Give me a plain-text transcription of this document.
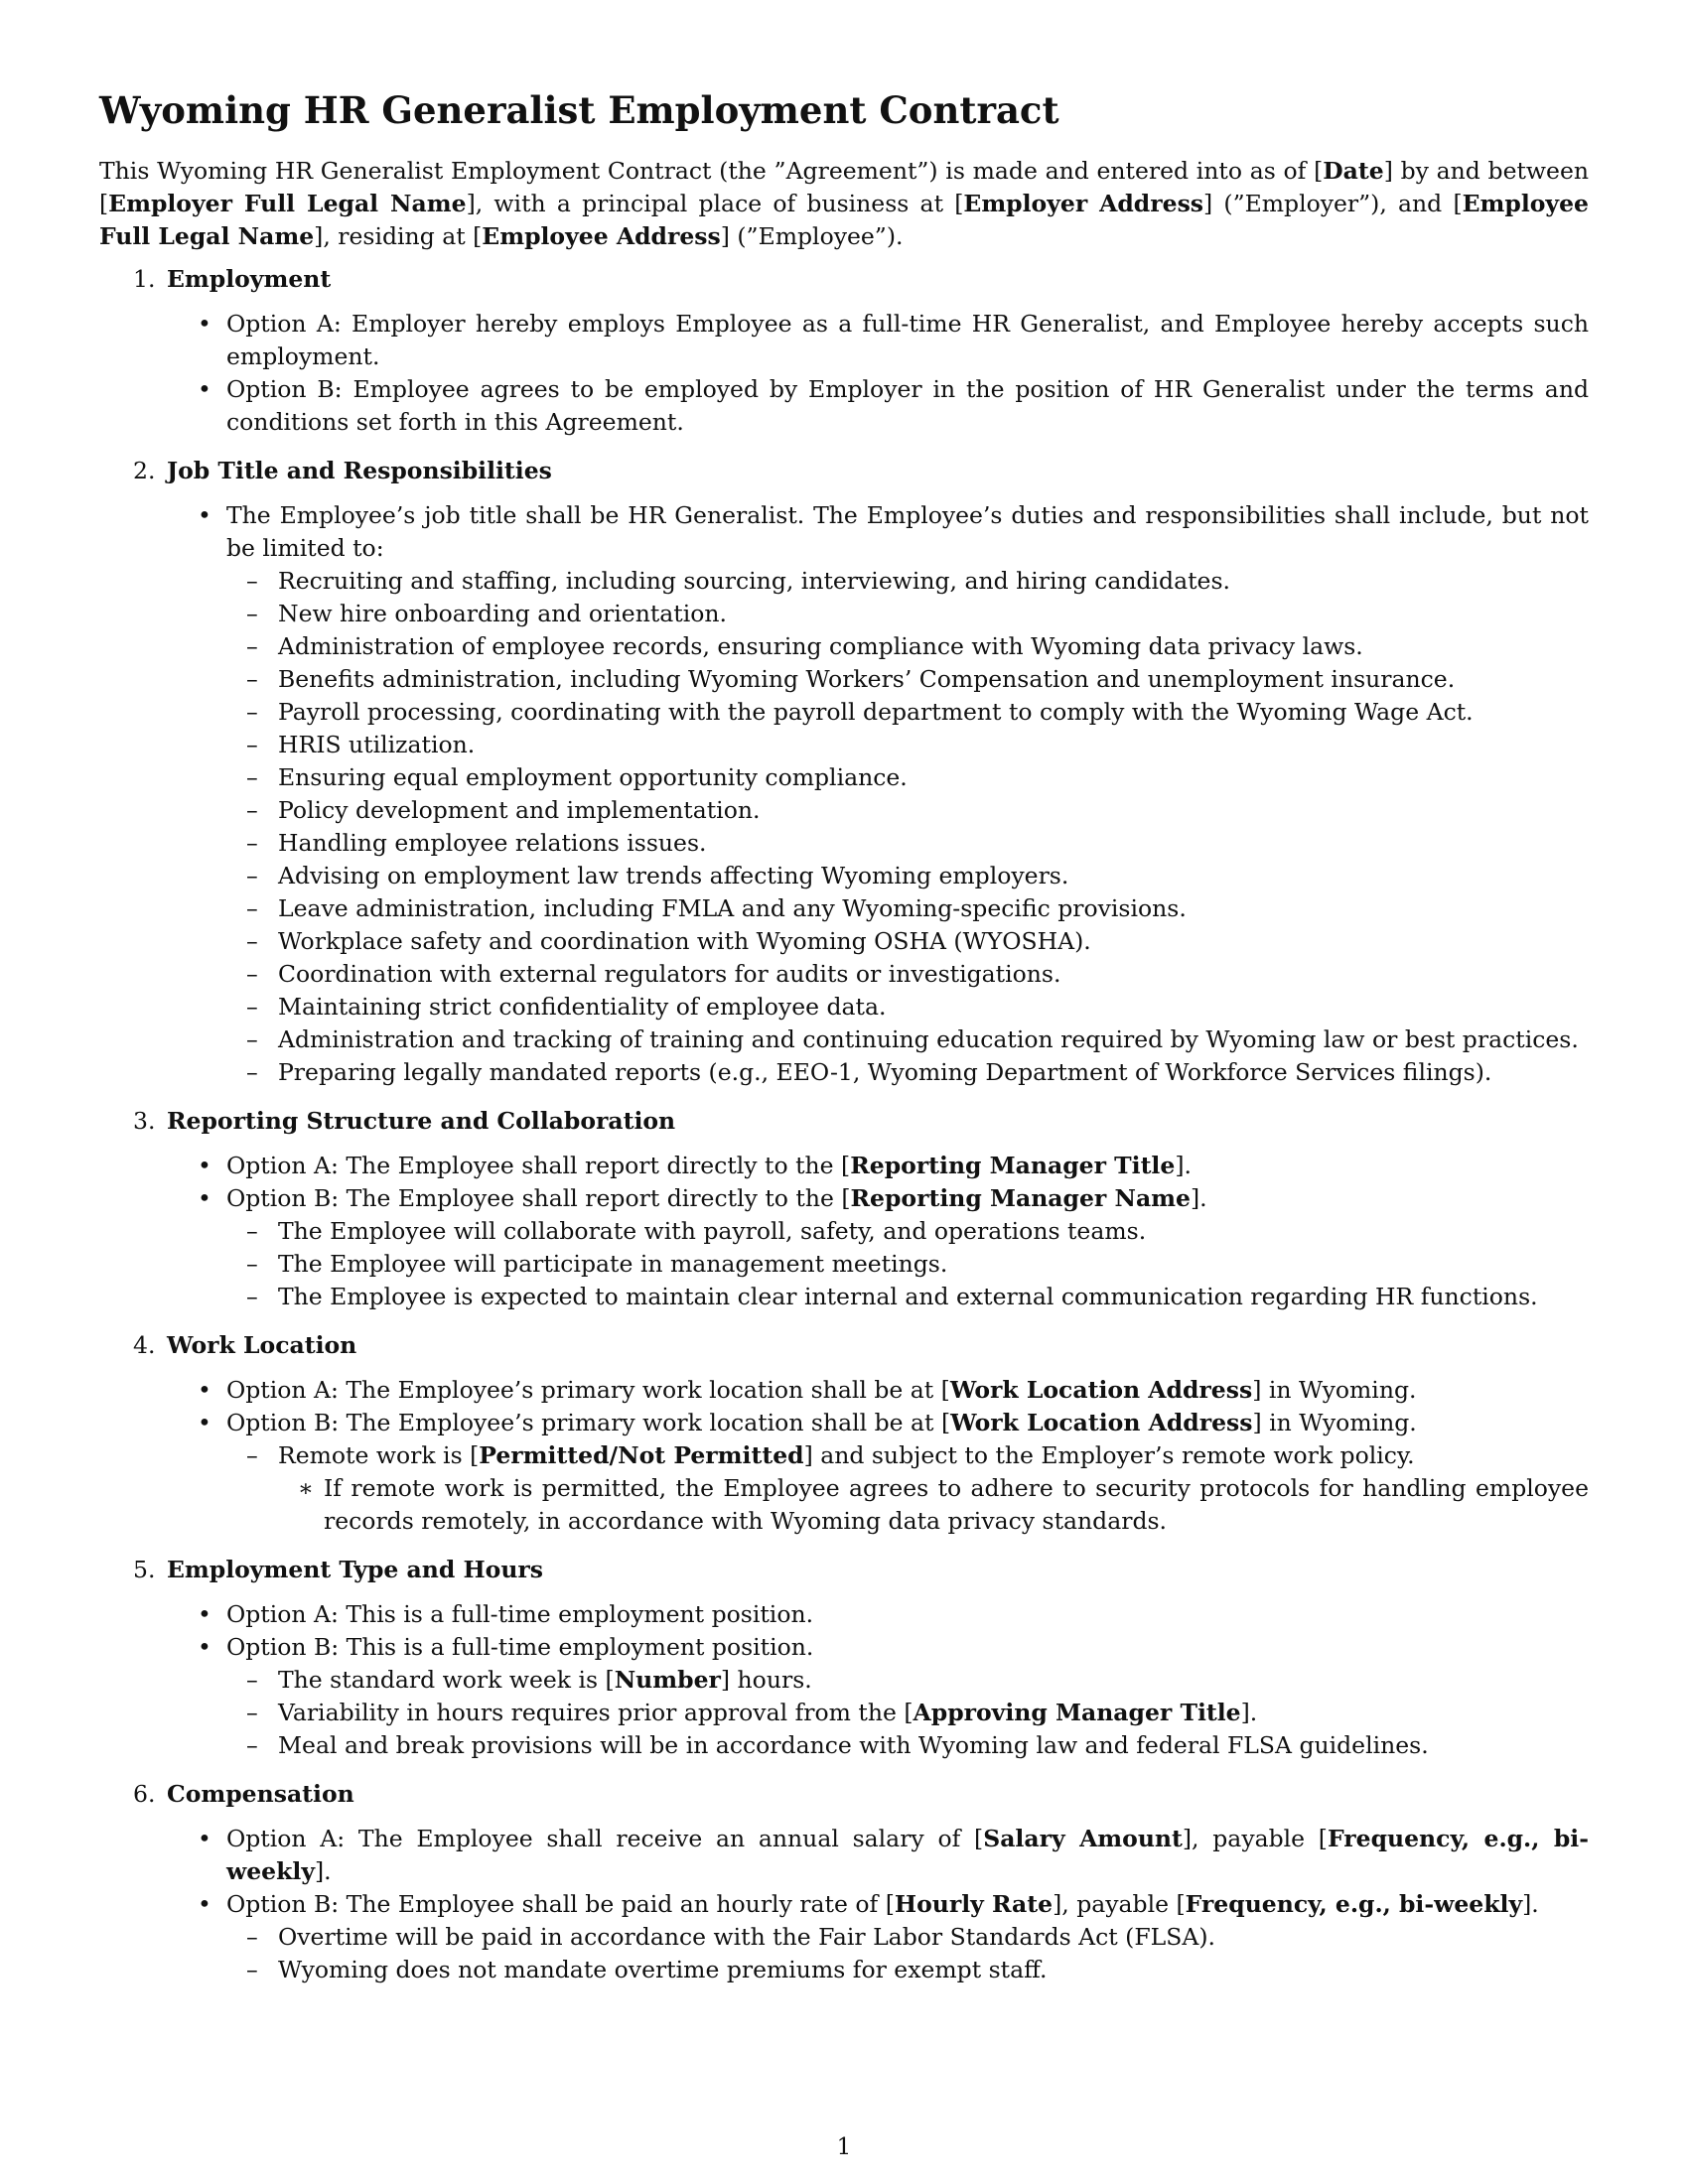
Wyoming HR Generalist Employment Contract

This Wyoming HR Generalist Employment Contract (the ”Agreement”) is made and entered into as of [Date] by and between [Employer Full Legal Name], with a principal place of business at [Employer Address] (”Employer”), and [Employee Full Legal Name], residing at [Employee Address] (”Employee”).

1. Employment
• Option A: Employer hereby employs Employee as a full-time HR Generalist, and Employee hereby accepts such employment.
• Option B: Employee agrees to be employed by Employer in the position of HR Generalist under the terms and conditions set forth in this Agreement.
2. Job Title and Responsibilities
• The Employee’s job title shall be HR Generalist. The Employee’s duties and responsibilities shall include, but not be limited to:
– Recruiting and staffing, including sourcing, interviewing, and hiring candidates.
– New hire onboarding and orientation.
– Administration of employee records, ensuring compliance with Wyoming data privacy laws.
– Benefits administration, including Wyoming Workers’ Compensation and unemployment insurance.
– Payroll processing, coordinating with the payroll department to comply with the Wyoming Wage Act.
– HRIS utilization.
– Ensuring equal employment opportunity compliance.
– Policy development and implementation.
– Handling employee relations issues.
– Advising on employment law trends affecting Wyoming employers.
– Leave administration, including FMLA and any Wyoming-specific provisions.
– Workplace safety and coordination with Wyoming OSHA (WYOSHA).
– Coordination with external regulators for audits or investigations.
– Maintaining strict confidentiality of employee data.
– Administration and tracking of training and continuing education required by Wyoming law or best practices.
– Preparing legally mandated reports (e.g., EEO-1, Wyoming Department of Workforce Services filings).
3. Reporting Structure and Collaboration
• Option A: The Employee shall report directly to the [Reporting Manager Title].
• Option B: The Employee shall report directly to the [Reporting Manager Name].
– The Employee will collaborate with payroll, safety, and operations teams.
– The Employee will participate in management meetings.
– The Employee is expected to maintain clear internal and external communication regarding HR functions.
4. Work Location
• Option A: The Employee’s primary work location shall be at [Work Location Address] in Wyoming.
• Option B: The Employee’s primary work location shall be at [Work Location Address] in Wyoming.
– Remote work is [Permitted/Not Permitted] and subject to the Employer’s remote work policy.
∗ If remote work is permitted, the Employee agrees to adhere to security protocols for handling employee records remotely, in accordance with Wyoming data privacy standards.
5. Employment Type and Hours
• Option A: This is a full-time employment position.
• Option B: This is a full-time employment position.
– The standard work week is [Number] hours.
– Variability in hours requires prior approval from the [Approving Manager Title].
– Meal and break provisions will be in accordance with Wyoming law and federal FLSA guidelines.
6. Compensation
• Option A: The Employee shall receive an annual salary of [Salary Amount], payable [Frequency, e.g., bi-weekly].
• Option B: The Employee shall be paid an hourly rate of [Hourly Rate], payable [Frequency, e.g., bi-weekly].
– Overtime will be paid in accordance with the Fair Labor Standards Act (FLSA).
– Wyoming does not mandate overtime premiums for exempt staff.
1
